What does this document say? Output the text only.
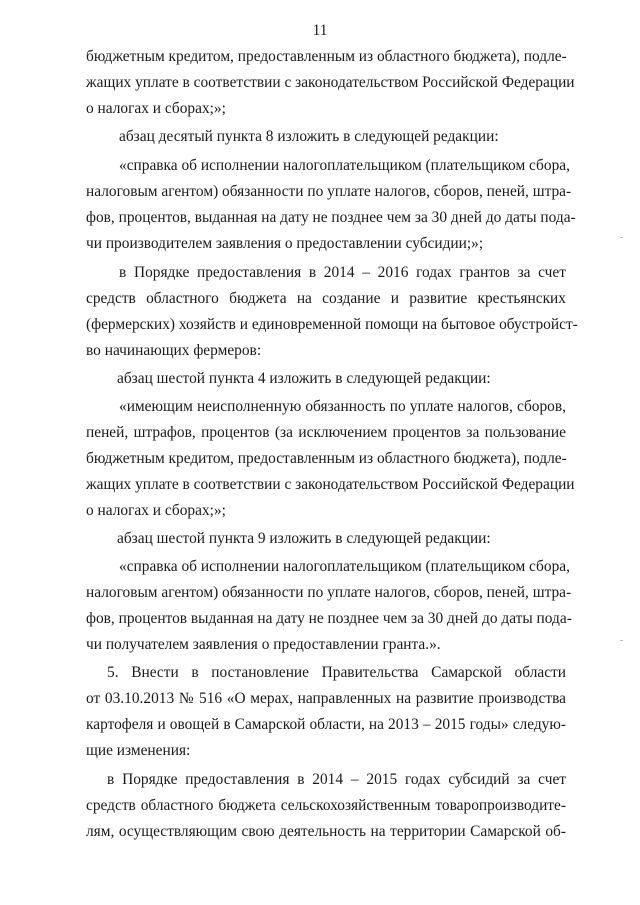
11
бюджетным кредитом, предоставленным из областного бюджета), подле-
жащих уплате в соответствии с законодательством Российской Федерации
о налогах и сборах;»;
абзац десятый пункта 8 изложить в следующей редакции:
«справка об исполнении налогоплательщиком (плательщиком сбора,
налоговым агентом) обязанности по уплате налогов, сборов, пеней, штра-
фов, процентов, выданная на дату не позднее чем за 30 дней до даты пода-
чи производителем заявления о предоставлении субсидии;»;
в Порядке предоставления в 2014 – 2016 годах грантов за счет
средств областного бюджета на создание и развитие крестьянских
(фермерских) хозяйств и единовременной помощи на бытовое обустройст-
во начинающих фермеров:
абзац шестой пункта 4 изложить в следующей редакции:
«имеющим неисполненную обязанность по уплате налогов, сборов,
пеней, штрафов, процентов (за исключением процентов за пользование
бюджетным кредитом, предоставленным из областного бюджета), подле-
жащих уплате в соответствии с законодательством Российской Федерации
о налогах и сборах;»;
абзац шестой пункта 9 изложить в следующей редакции:
«справка об исполнении налогоплательщиком (плательщиком сбора,
налоговым агентом) обязанности по уплате налогов, сборов, пеней, штра-
фов, процентов выданная на дату не позднее чем за 30 дней до даты пода-
чи получателем заявления о предоставлении гранта.».
5. Внести в постановление Правительства Самарской области
от 03.10.2013 № 516 «О мерах, направленных на развитие производства
картофеля и овощей в Самарской области, на 2013 – 2015 годы» следую-
щие изменения:
в Порядке предоставления в 2014 – 2015 годах субсидий за счет
средств областного бюджета сельскохозяйственным товаропроизводите-
лям, осуществляющим свою деятельность на территории Самарской об-
